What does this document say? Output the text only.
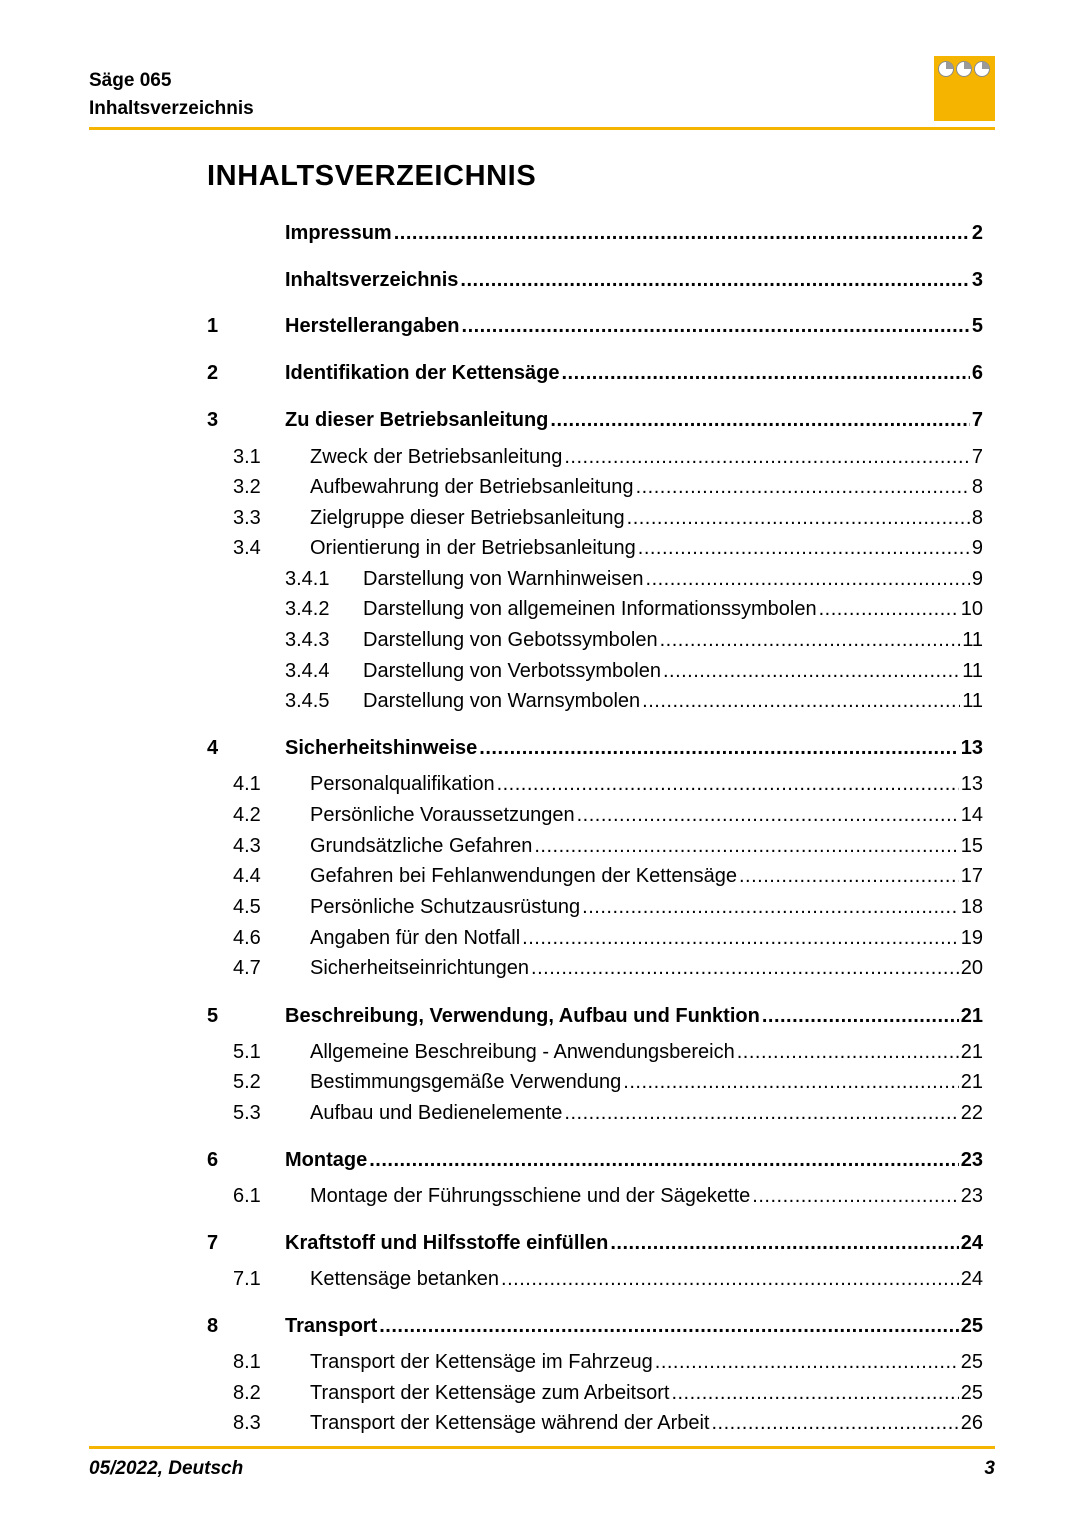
Säge 065
Inhaltsverzeichnis
INHALTSVERZEICHNIS
Impressum .....	2
Inhaltsverzeichnis .....	3
1	Herstellerangaben .....	5
2	Identifikation der Kettensäge .....	6
3	Zu dieser Betriebsanleitung .....	7
3.1	Zweck der Betriebsanleitung .....	7
3.2	Aufbewahrung der Betriebsanleitung .....	8
3.3	Zielgruppe dieser Betriebsanleitung .....	8
3.4	Orientierung in der Betriebsanleitung .....	9
3.4.1	Darstellung von Warnhinweisen .....	9
3.4.2	Darstellung von allgemeinen Informationssymbolen .....	10
3.4.3	Darstellung von Gebotssymbolen .....	11
3.4.4	Darstellung von Verbotssymbolen .....	11
3.4.5	Darstellung von Warnsymbolen .....	11
4	Sicherheitshinweise .....	13
4.1	Personalqualifikation .....	13
4.2	Persönliche Voraussetzungen .....	14
4.3	Grundsätzliche Gefahren .....	15
4.4	Gefahren bei Fehlanwendungen der Kettensäge .....	17
4.5	Persönliche Schutzausrüstung .....	18
4.6	Angaben für den Notfall .....	19
4.7	Sicherheitseinrichtungen .....	20
5	Beschreibung, Verwendung, Aufbau und Funktion .....	21
5.1	Allgemeine Beschreibung - Anwendungsbereich .....	21
5.2	Bestimmungsgemäße Verwendung .....	21
5.3	Aufbau und Bedienelemente .....	22
6	Montage .....	23
6.1	Montage der Führungsschiene und der Sägekette .....	23
7	Kraftstoff und Hilfsstoffe einfüllen .....	24
7.1	Kettensäge betanken .....	24
8	Transport .....	25
8.1	Transport der Kettensäge im Fahrzeug .....	25
8.2	Transport der Kettensäge zum Arbeitsort .....	25
8.3	Transport der Kettensäge während der Arbeit .....	26
05/2022, Deutsch	3
